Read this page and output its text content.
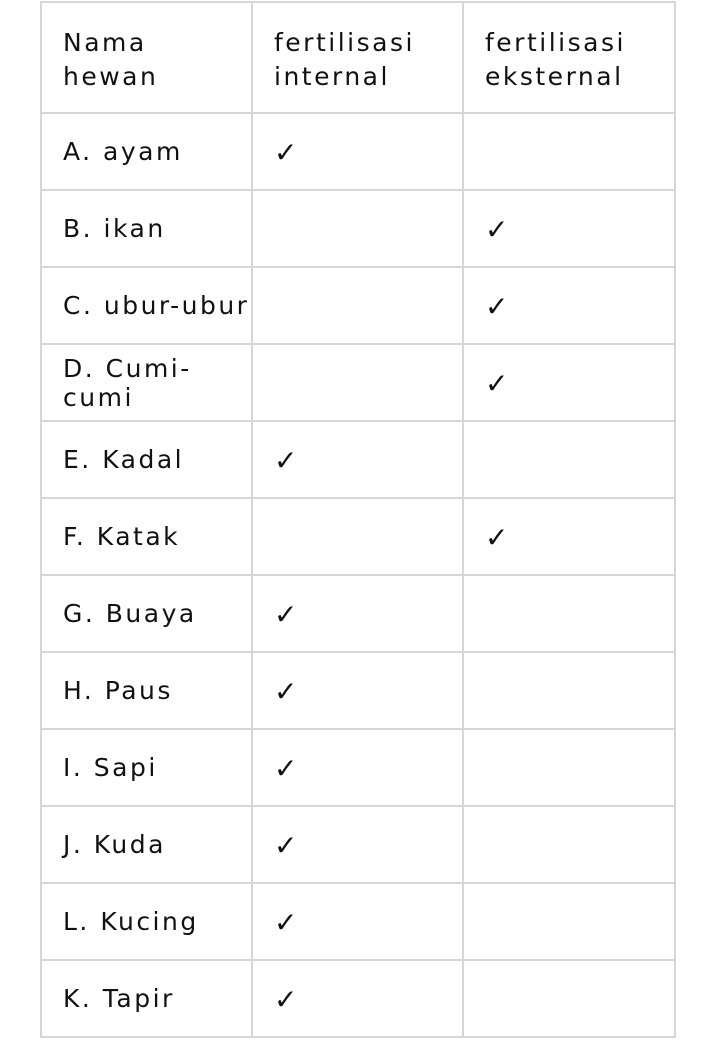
Nama hewan	fertilisasi internal	fertilisasi eksternal
A. ayam	✓	
B. ikan		✓
C. ubur-ubur		✓
D. Cumi-cumi		✓
E. Kadal	✓	
F. Katak		✓
G. Buaya	✓	
H. Paus	✓	
I. Sapi	✓	
J. Kuda	✓	
L. Kucing	✓	
K. Tapir	✓	
